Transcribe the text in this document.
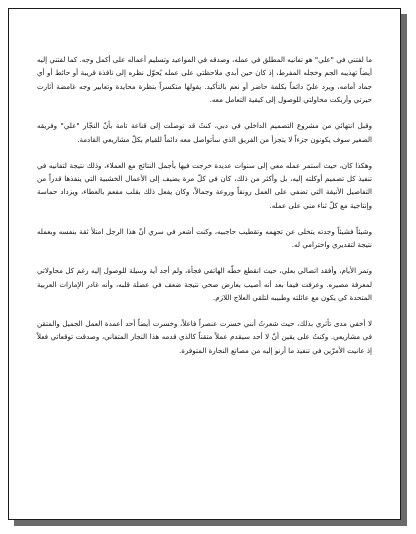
ما لفتني في "علي" هو تفانيه المطلق في عمله، وصدقه في المواعيد وتسليم أعماله على أكمل وجه. كما لفتني إليه أيضاً تهذيبه الجم وخجله المفرط، إذ كان حين أبدي ملاحظتي على عمله يُحوّل نظره إلى نافذة قريبة أو حائط أو أي جماد أمامه، ويرد عليّ دائماً بكلمة حاضر أو نعم بالتأكيد. يقولها متكسراً بنظرة محايدة وتعابير وجه غامضة أثارت حيرتي وأربكت محاولتي للوصول إلى كيفية التعامل معه.

وقبل انتهائي من مشروع التصميم الداخلي في دبي، كنتُ قد توصلت إلى قناعة تامة بأنّ النجّار "علي" وفريقه الصغير سوف يكونون جزءاً لا يتجزأ من الفريق الذي سأتواصل معه دائماً للقيام بكلّ مشاريعي القادمة.

وهكذا كان، حيث استمر عمله معي إلى سنوات عديدة خرجت فيها بأجمل النتائج مع العملاء، وذلك نتيجة لتفانيه في تنفيذ كل تصميم أوكلته إليه، بل وأكثر من ذلك، كان في كلّ مرة يضيف إلى الأعمال الخشبية التي ينفذها قدراً من التفاصيل الأنيقة التي تضفي على العمل رونقاً وروعة وجمالاً، وكان يفعل ذلك بقلب مفعم بالعطاء، ويزداد حماسة وإنتاجية مع كلّ ثناء مني على عمله.

وشيئاً فشيئاً وجدته يتخلى عن تجهمه وتقطيب حاجبيه، وكنت أشعر في سري أنّ هذا الرجل امتلأ ثقة بنفسه وبعمله نتيجة لتقديري واحترامي له.

وتمر الأيام، وأفقد اتصالي بعلي، حيث انقطع خطّه الهاتفي فجأة، ولم أجد أية وسيلة للوصول إليه رغم كل محاولاتي لمعرفة مصيره. وعرفت فيما بعد أنه أصيب بعارض صحي نتيجة ضعف في عضلة قلبه، وأنه غادر الإمارات العربية المتحدة كي يكون مع عائلته وطبيبه لتلقي العلاج اللازم.

لا أخفي مدى تأثري بذلك، حيث شعرتُ أنني خسرت عنصراً فاعلاً، وخسرت أيضاً أحد أعمدة العمل الجميل والمتقن في مشاريعي. وكنتُ على يقين أنّ لا أحد سيقدم عملاً متقناً كالذي قدمه هذا النجار المتفاني، وصدقت توقعاتي فعلاً إذ عانيت الأمرّين في تنفيذ ما أرنو إليه من مصانع النجارة المتوفرة.
